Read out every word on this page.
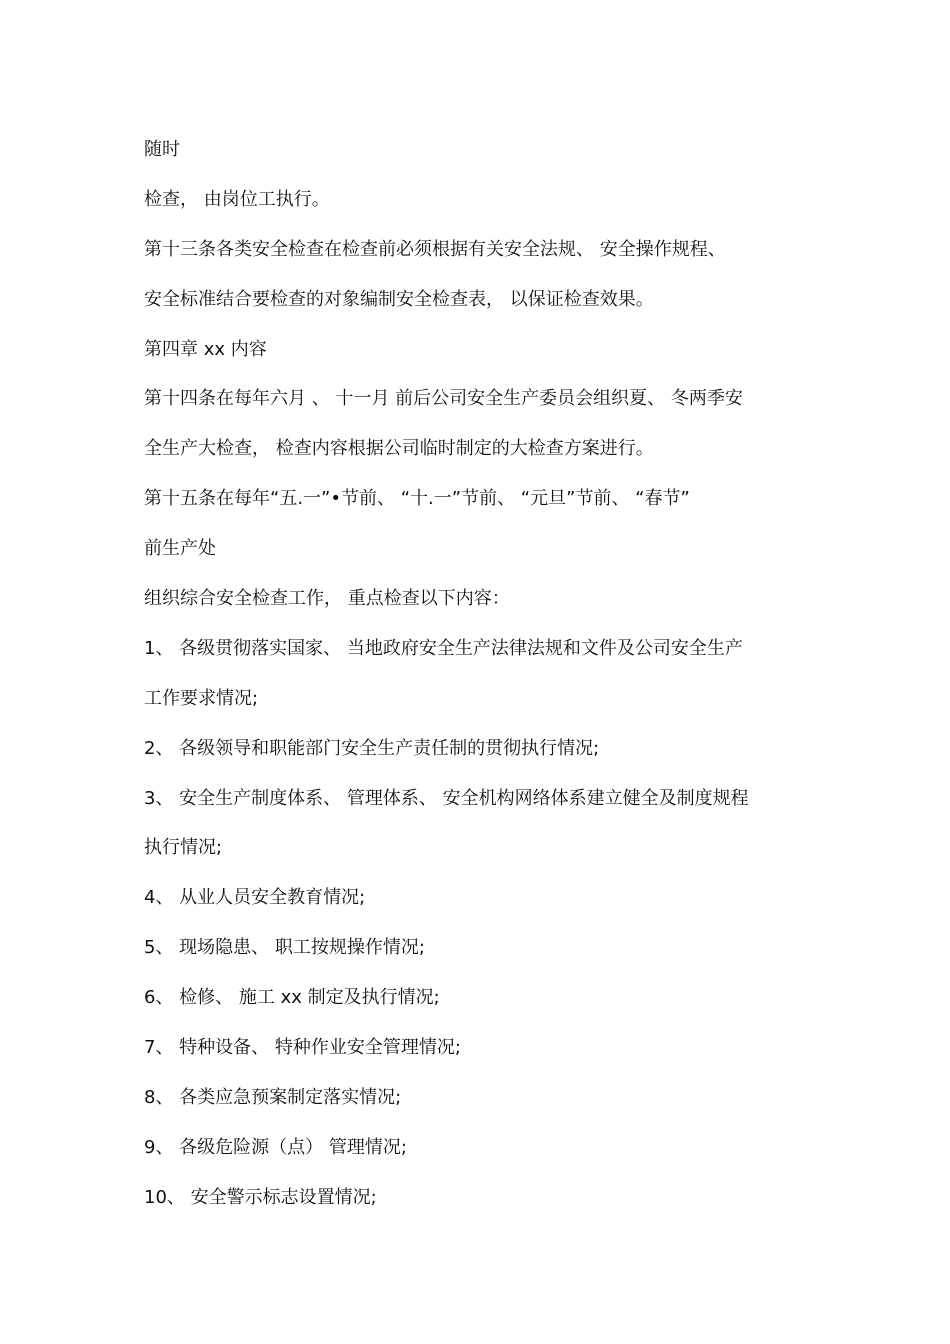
随时
检查， 由岗位工执行。
第十三条各类安全检查在检查前必须根据有关安全法规、 安全操作规程、
安全标准结合要检查的对象编制安全检查表， 以保证检查效果。
第四章 xx 内容
第十四条在每年六月 、 十一月 前后公司安全生产委员会组织夏、 冬两季安
全生产大检查， 检查内容根据公司临时制定的大检查方案进行。
第十五条在每年“五.一”•节前、 “十.一”节前、 “元旦”节前、 “春节”
前生产处
组织综合安全检查工作， 重点检查以下内容：
1、 各级贯彻落实国家、 当地政府安全生产法律法规和文件及公司安全生产
工作要求情况;
2、 各级领导和职能部门安全生产责任制的贯彻执行情况;
3、 安全生产制度体系、 管理体系、 安全机构网络体系建立健全及制度规程
执行情况;
4、 从业人员安全教育情况;
5、 现场隐患、 职工按规操作情况;
6、 检修、 施工 xx 制定及执行情况;
7、 特种设备、 特种作业安全管理情况;
8、 各类应急预案制定落实情况;
9、 各级危险源（点） 管理情况;
10、 安全警示标志设置情况;
